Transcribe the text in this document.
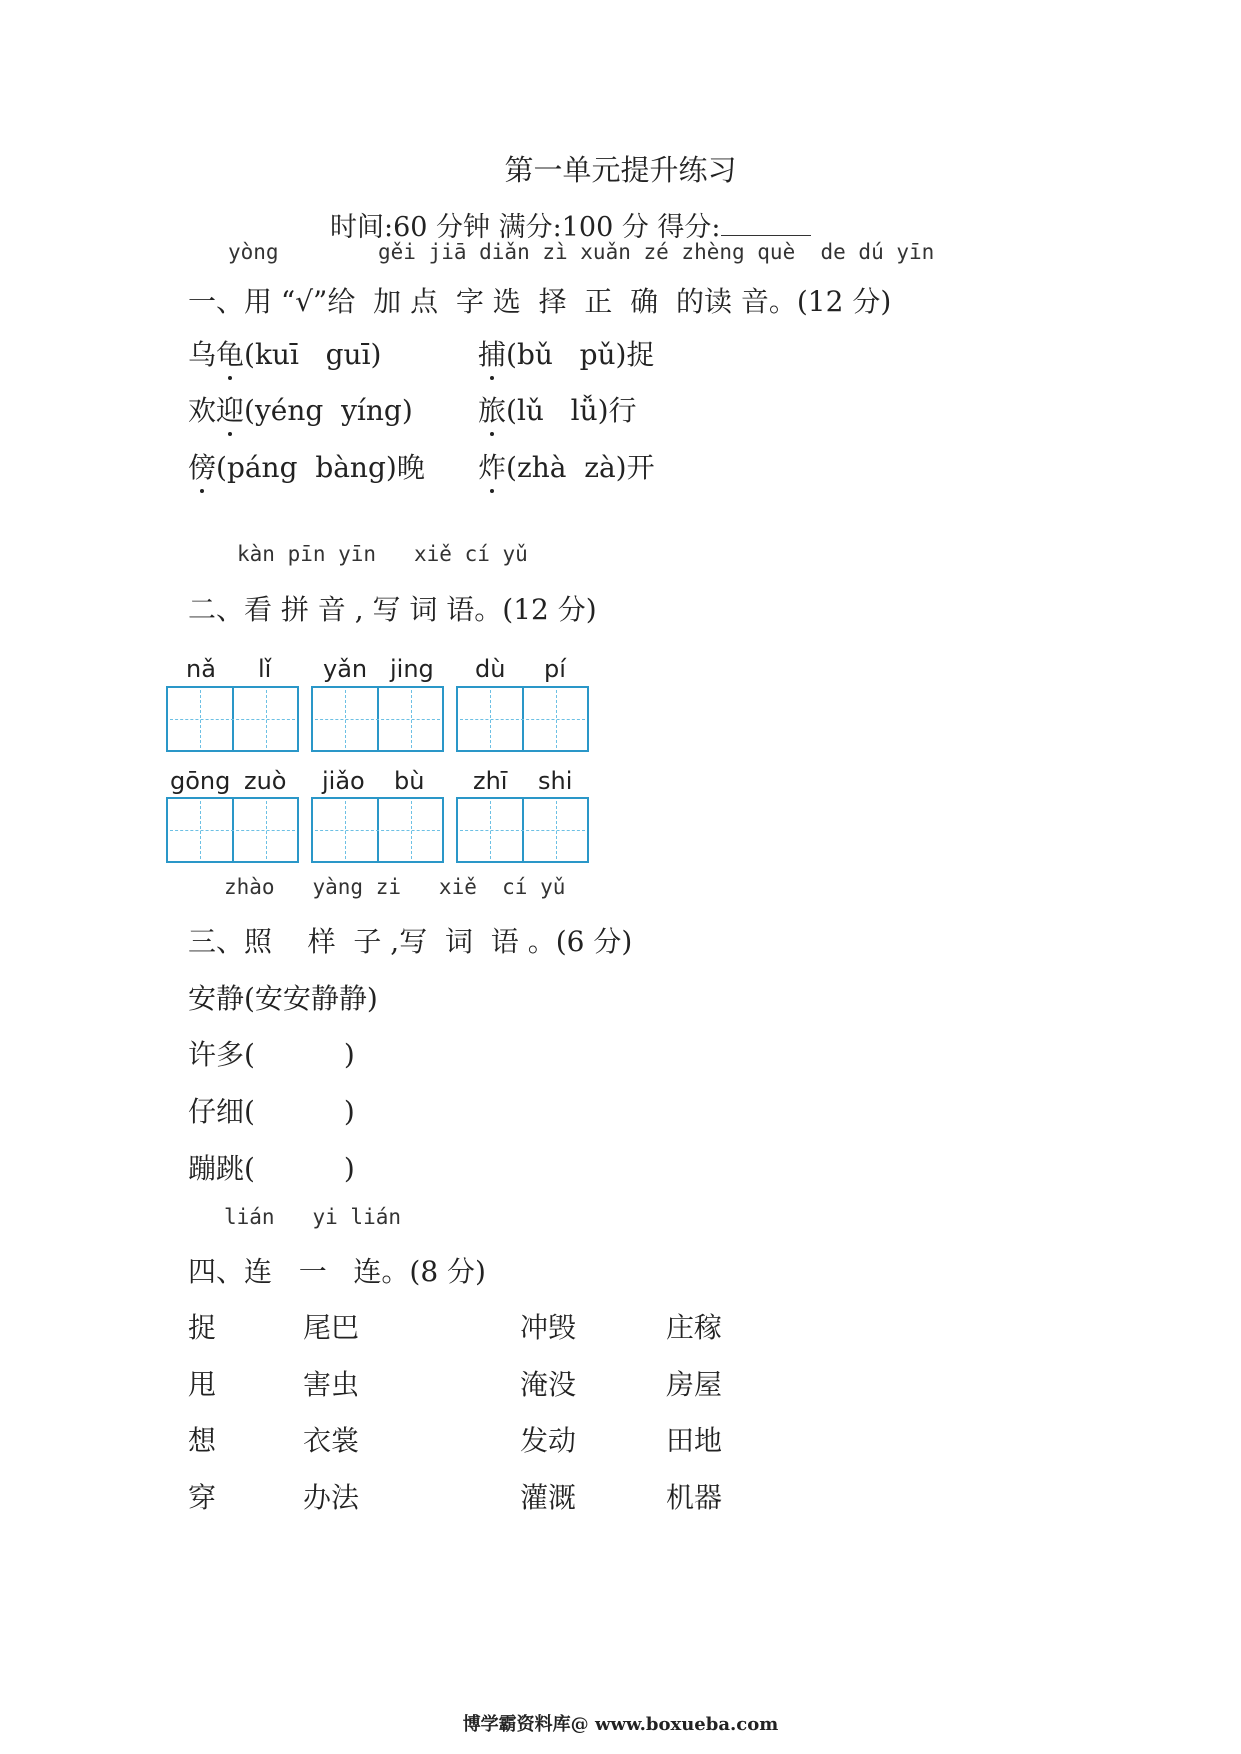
第一单元提升练习
时间:60 分钟 满分:100 分 得分:
yòng	gěi jiā diǎn zì xuǎn zé zhèng què  de dú yīn
一、用 “√”给  加 点  字 选  择  正  确  的读 音。(12 分)
乌龟(kuī   guī)	捕(bǔ   pǔ)捉
欢迎(yéng  yíng) 旅(lǔ   lǚ)行
傍(páng  bàng)晚 炸(zhà  zà)开
kàn pīn yīn   xiě cí yǔ
二、看 拼 音 , 写 词 语。(12 分)
nǎ lǐ yǎn jing dù pí
gōng zuò jiǎo bù zhī shi
zhào   yàng zi   xiě  cí yǔ
三、照    样  子 ,写  词  语 。(6 分)
安静(安安静静)
许多(          )
仔细(          )
蹦跳(          )
lián   yi lián
四、连   一   连。(8 分)
捉	尾巴	冲毁	庄稼
甩	害虫	淹没	房屋
想	衣裳	发动	田地
穿	办法	灌溉	机器
博学霸资料库@ www.boxueba.com
